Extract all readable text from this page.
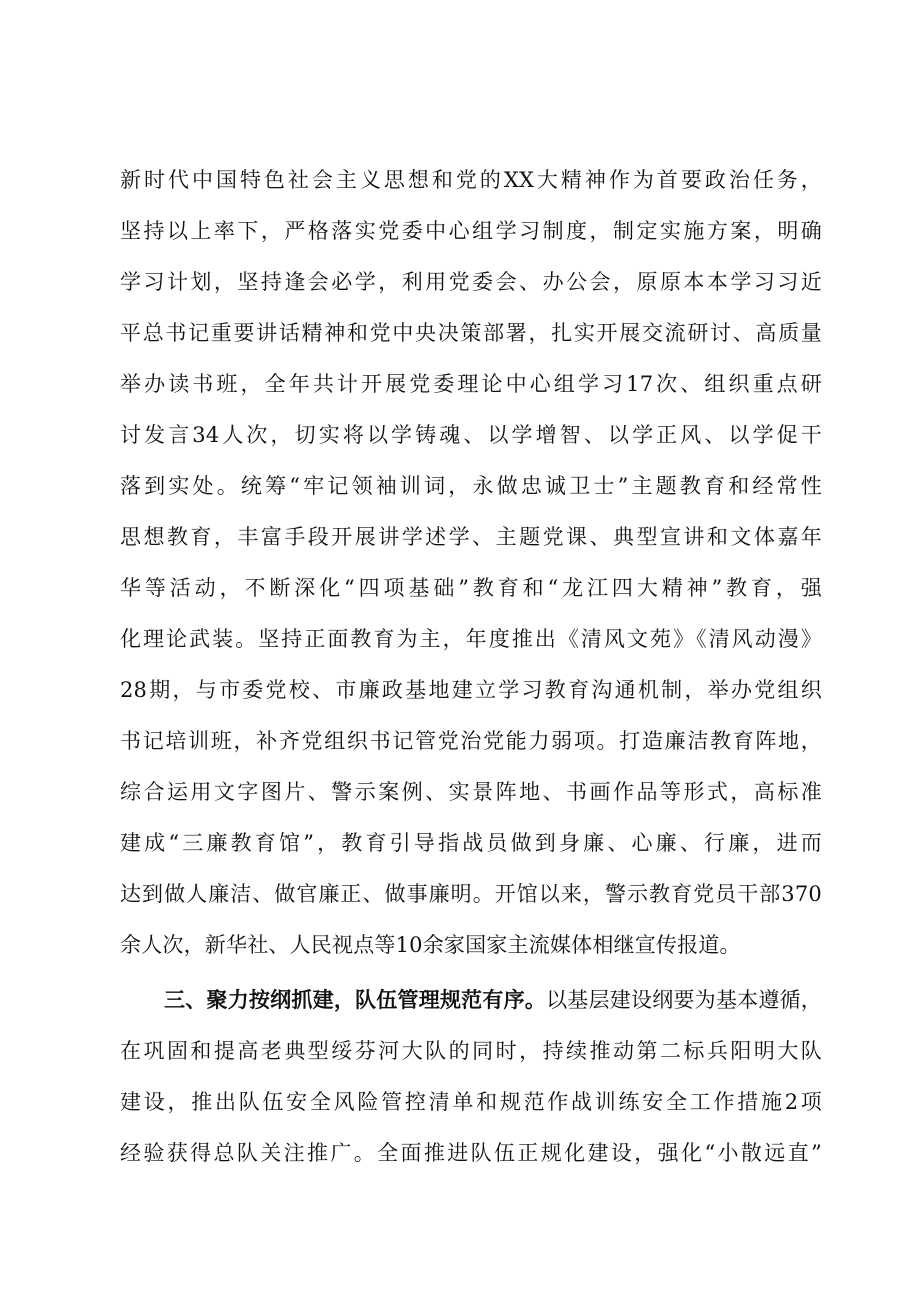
新时代中国特色社会主义思想和党的XX大精神作为首要政治任务，
坚持以上率下，严格落实党委中心组学习制度，制定实施方案，明确
学习计划，坚持逢会必学，利用党委会、办公会，原原本本学习习近
平总书记重要讲话精神和党中央决策部署，扎实开展交流研讨、高质量
举办读书班，全年共计开展党委理论中心组学习17次、组织重点研
讨发言34人次，切实将以学铸魂、以学增智、以学正风、以学促干
落到实处。统筹“牢记领袖训词，永做忠诚卫士”主题教育和经常性
思想教育，丰富手段开展讲学述学、主题党课、典型宣讲和文体嘉年
华等活动，不断深化“四项基础”教育和“龙江四大精神”教育，强
化理论武装。坚持正面教育为主，年度推出《清风文苑》《清风动漫》
28期，与市委党校、市廉政基地建立学习教育沟通机制，举办党组织
书记培训班，补齐党组织书记管党治党能力弱项。打造廉洁教育阵地，
综合运用文字图片、警示案例、实景阵地、书画作品等形式，高标准
建成“三廉教育馆”，教育引导指战员做到身廉、心廉、行廉，进而
达到做人廉洁、做官廉正、做事廉明。开馆以来，警示教育党员干部370
余人次，新华社、人民视点等10余家国家主流媒体相继宣传报道。
三、聚力按纲抓建，队伍管理规范有序。以基层建设纲要为基本遵循，
在巩固和提高老典型绥芬河大队的同时，持续推动第二标兵阳明大队
建设，推出队伍安全风险管控清单和规范作战训练安全工作措施2项
经验获得总队关注推广。全面推进队伍正规化建设，强化“小散远直”
